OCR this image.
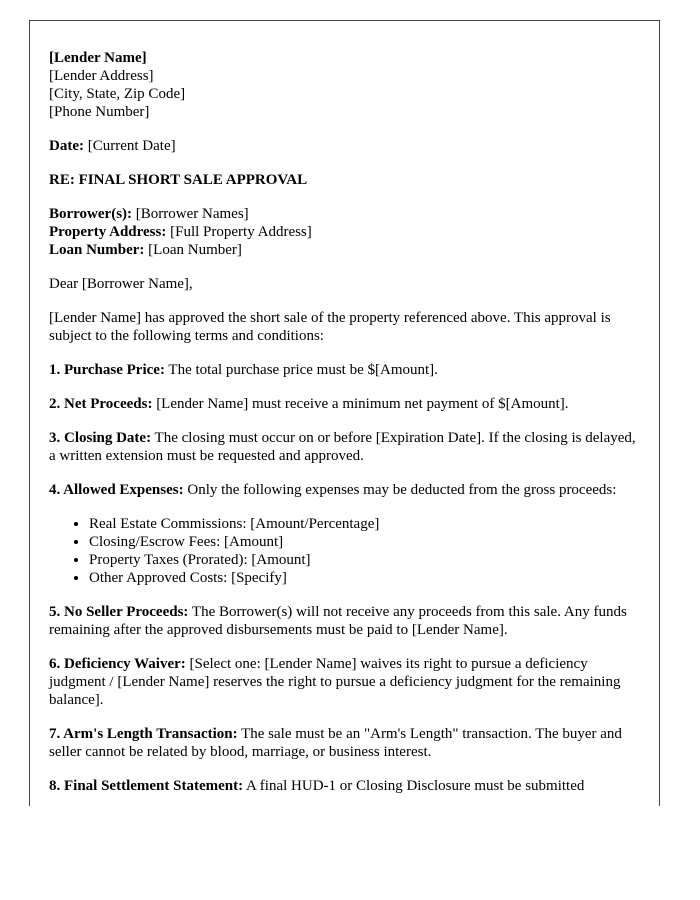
[Lender Name]
[Lender Address]
[City, State, Zip Code]
[Phone Number]

Date: [Current Date]

RE: FINAL SHORT SALE APPROVAL

Borrower(s): [Borrower Names]
Property Address: [Full Property Address]
Loan Number: [Loan Number]

Dear [Borrower Name],

[Lender Name] has approved the short sale of the property referenced above. This approval is subject to the following terms and conditions:

1. Purchase Price: The total purchase price must be $[Amount].

2. Net Proceeds: [Lender Name] must receive a minimum net payment of $[Amount].

3. Closing Date: The closing must occur on or before [Expiration Date]. If the closing is delayed, a written extension must be requested and approved.

4. Allowed Expenses: Only the following expenses may be deducted from the gross proceeds:

• Real Estate Commissions: [Amount/Percentage]
• Closing/Escrow Fees: [Amount]
• Property Taxes (Prorated): [Amount]
• Other Approved Costs: [Specify]

5. No Seller Proceeds: The Borrower(s) will not receive any proceeds from this sale. Any funds remaining after the approved disbursements must be paid to [Lender Name].

6. Deficiency Waiver: [Select one: [Lender Name] waives its right to pursue a deficiency judgment / [Lender Name] reserves the right to pursue a deficiency judgment for the remaining balance].

7. Arm's Length Transaction: The sale must be an "Arm's Length" transaction. The buyer and seller cannot be related by blood, marriage, or business interest.

8. Final Settlement Statement: A final HUD-1 or Closing Disclosure must be submitted
